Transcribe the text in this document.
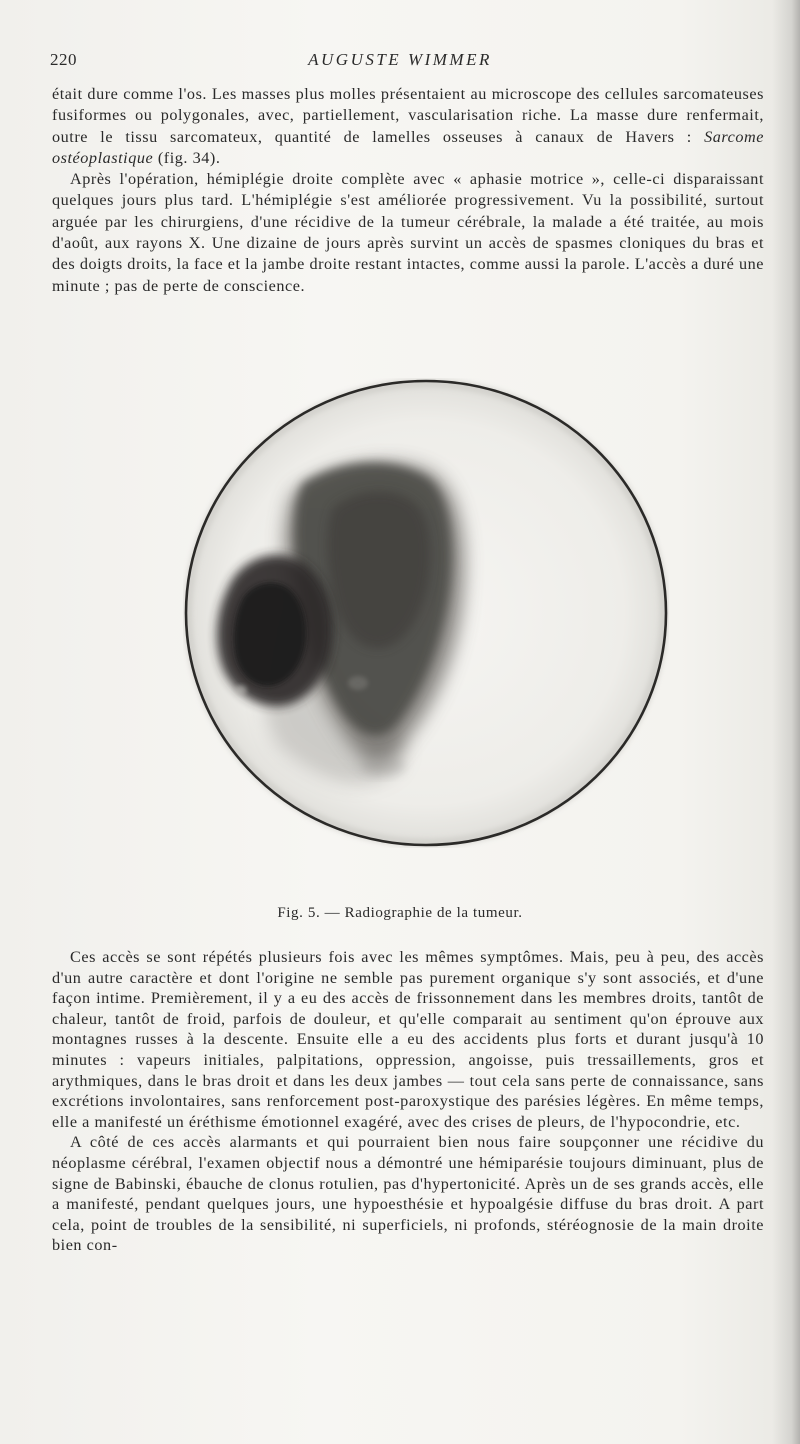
220	AUGUSTE WIMMER

était dure comme l'os. Les masses plus molles présentaient au microscope des cellules sarcomateuses fusiformes ou polygonales, avec, partiellement, vascularisation riche. La masse dure renfermait, outre le tissu sarcomateux, quantité de lamelles osseuses à canaux de Havers : Sarcome ostéoplastique (fig. 34).

Après l'opération, hémiplégie droite complète avec « aphasie motrice », celle-ci disparaissant quelques jours plus tard. L'hémiplégie s'est améliorée progressivement. Vu la possibilité, surtout arguée par les chirurgiens, d'une récidive de la tumeur cérébrale, la malade a été traitée, au mois d'août, aux rayons X. Une dizaine de jours après survint un accès de spasmes cloniques du bras et des doigts droits, la face et la jambe droite restant intactes, comme aussi la parole. L'accès a duré une minute ; pas de perte de conscience.

Fig. 5. — Radiographie de la tumeur.

Ces accès se sont répétés plusieurs fois avec les mêmes symptômes. Mais, peu à peu, des accès d'un autre caractère et dont l'origine ne semble pas purement organique s'y sont associés, et d'une façon intime. Premièrement, il y a eu des accès de frissonnement dans les membres droits, tantôt de chaleur, tantôt de froid, parfois de douleur, et qu'elle comparait au sentiment qu'on éprouve aux montagnes russes à la descente. Ensuite elle a eu des accidents plus forts et durant jusqu'à 10 minutes : vapeurs initiales, palpitations, oppression, angoisse, puis tressaillements, gros et arythmiques, dans le bras droit et dans les deux jambes — tout cela sans perte de connaissance, sans excrétions involontaires, sans renforcement post-paroxystique des parésies légères. En même temps, elle a manifesté un éréthisme émotionnel exagéré, avec des crises de pleurs, de l'hypocondrie, etc.

A côté de ces accès alarmants et qui pourraient bien nous faire soupçonner une récidive du néoplasme cérébral, l'examen objectif nous a démontré une hémiparésie toujours diminuant, plus de signe de Babinski, ébauche de clonus rotulien, pas d'hypertonicité. Après un de ses grands accès, elle a manifesté, pendant quelques jours, une hypoesthésie et hypoalgésie diffuse du bras droit. A part cela, point de troubles de la sensibilité, ni superficiels, ni profonds, stéréognosie de la main droite bien con-
